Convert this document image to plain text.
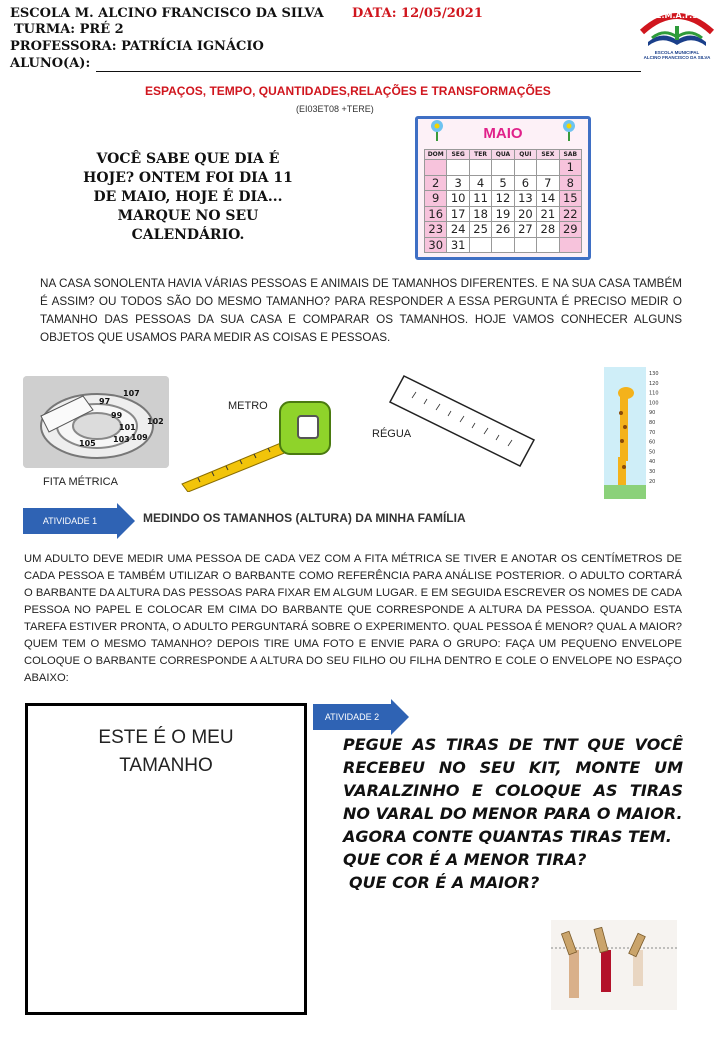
ESCOLA M. ALCINO FRANCISCO DA SILVA DATA: 12/05/2021
TURMA: PRÉ 2
PROFESSORA: PATRÍCIA IGNÁCIO
ALUNO(A):
E.M.A.F.S
ESCOLA MUNICIPAL
ALCINO FRANCISCO DA SILVA
ESPAÇOS, TEMPO, QUANTIDADES,RELAÇÕES E TRANSFORMAÇÕES
(EI03ET08 +TERE)
VOCÊ SABE QUE DIA É HOJE? ONTEM FOI DIA 11 DE MAIO, HOJE É DIA... MARQUE NO SEU CALENDÁRIO.
MAIO
DOM	SEG	TER	QUA	QUI	SEX	SAB
						1
2	3	4	5	6	7	8
9	10	11	12	13	14	15
16	17	18	19	20	21	22
23	24	25	26	27	28	29
30	31					
NA CASA SONOLENTA HAVIA VÁRIAS PESSOAS E ANIMAIS DE TAMANHOS DIFERENTES. E NA SUA CASA TAMBÉM É ASSIM? OU TODOS SÃO DO MESMO TAMANHO? PARA RESPONDER A ESSA PERGUNTA É PRECISO MEDIR O TAMANHO DAS PESSOAS DA SUA CASA E COMPARAR OS TAMANHOS. HOJE VAMOS CONHECER ALGUNS OBJETOS QUE USAMOS PARA MEDIR AS COISAS E PESSOAS.
97
99
101
103
105
107
109
102
FITA MÉTRICA
METRO
RÉGUA
130
120
110
100
90
80
70
60
50
40
30
20
ATIVIDADE 1	MEDINDO OS TAMANHOS (ALTURA) DA MINHA FAMÍLIA
UM ADULTO DEVE MEDIR UMA PESSOA DE CADA VEZ COM A FITA MÉTRICA SE TIVER E ANOTAR OS CENTÍMETROS DE CADA PESSOA E TAMBÉM UTILIZAR O BARBANTE COMO REFERÊNCIA PARA ANÁLISE POSTERIOR. O ADULTO CORTARÁ O BARBANTE DA ALTURA DAS PESSOAS PARA FIXAR EM ALGUM LUGAR. E EM SEGUIDA ESCREVER OS NOMES DE CADA PESSOA NO PAPEL E COLOCAR EM CIMA DO BARBANTE QUE CORRESPONDE A ALTURA DA PESSOA. QUANDO ESTA TAREFA ESTIVER PRONTA, O ADULTO PERGUNTARÁ SOBRE O EXPERIMENTO. QUAL PESSOA É MENOR? QUAL A MAIOR? QUEM TEM O MESMO TAMANHO? DEPOIS TIRE UMA FOTO E ENVIE PARA O GRUPO: FAÇA UM PEQUENO ENVELOPE COLOQUE O BARBANTE CORRESPONDE A ALTURA DO SEU FILHO OU FILHA DENTRO E COLE O ENVELOPE NO ESPAÇO ABAIXO:
ESTE É O MEU
TAMANHO
ATIVIDADE 2
PEGUE AS TIRAS DE TNT QUE VOCÊ RECEBEU NO SEU KIT, MONTE UM VARALZINHO E COLOQUE AS TIRAS NO VARAL DO MENOR PARA O MAIOR.
AGORA CONTE QUANTAS TIRAS TEM.
QUE COR É A MENOR TIRA?
QUE COR É A MAIOR?
